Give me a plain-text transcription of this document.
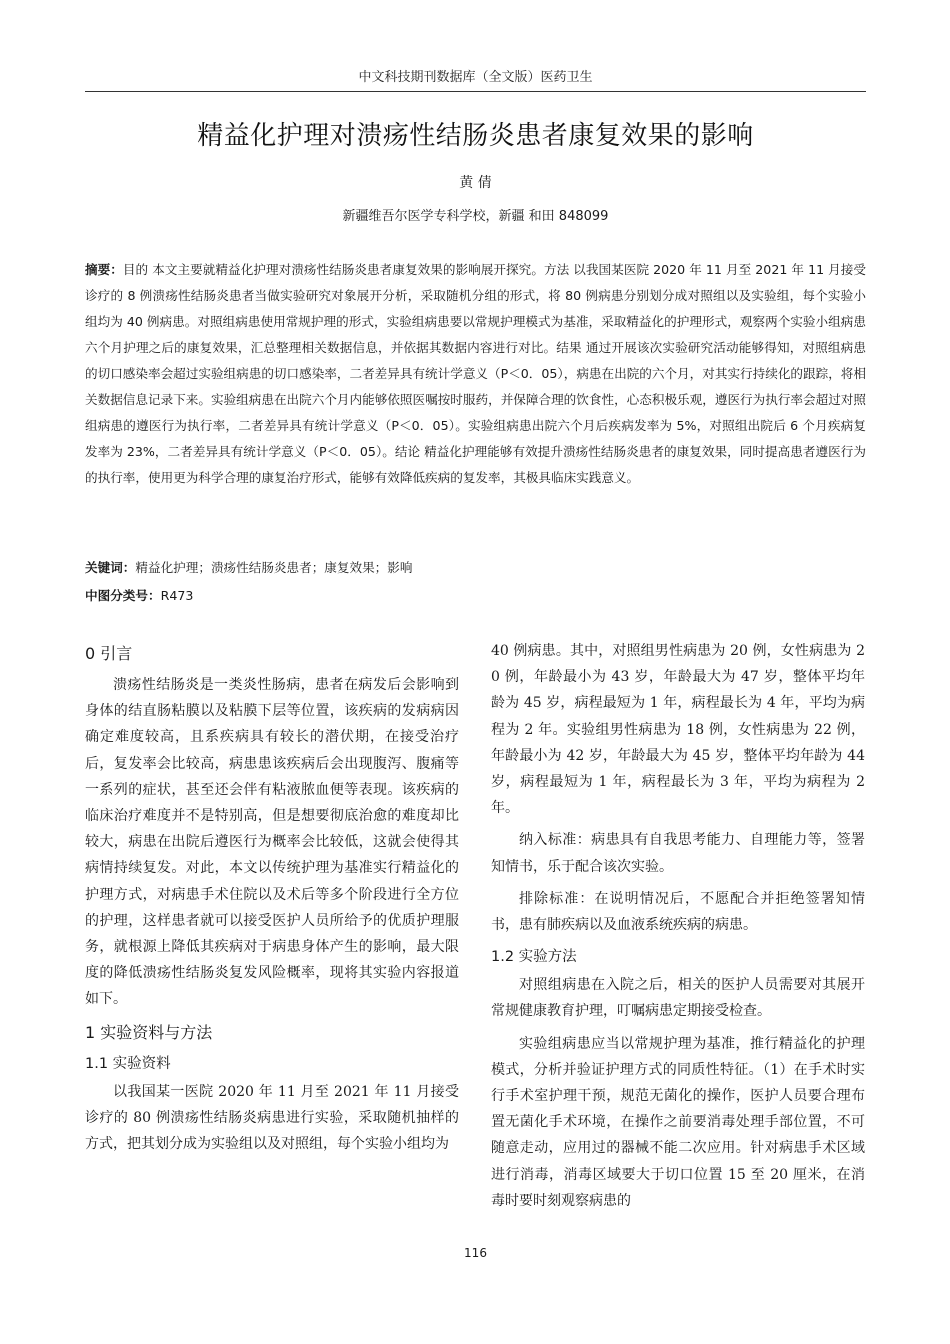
中文科技期刊数据库（全文版）医药卫生
精益化护理对溃疡性结肠炎患者康复效果的影响
黄 倩
新疆维吾尔医学专科学校，新疆 和田 848099
摘要：目的 本文主要就精益化护理对溃疡性结肠炎患者康复效果的影响展开探究。方法 以我国某医院 2020 年 11 月至 2021 年 11 月接受诊疗的 8 例溃疡性结肠炎患者当做实验研究对象展开分析，采取随机分组的形式，将 80 例病患分别划分成对照组以及实验组，每个实验小组均为 40 例病患。对照组病患使用常规护理的形式，实验组病患要以常规护理模式为基准，采取精益化的护理形式，观察两个实验小组病患六个月护理之后的康复效果，汇总整理相关数据信息，并依据其数据内容进行对比。结果 通过开展该次实验研究活动能够得知，对照组病患的切口感染率会超过实验组病患的切口感染率，二者差异具有统计学意义（P＜0．05），病患在出院的六个月，对其实行持续化的跟踪，将相关数据信息记录下来。实验组病患在出院六个月内能够依照医嘱按时服药，并保障合理的饮食性，心态积极乐观，遵医行为执行率会超过对照组病患的遵医行为执行率，二者差异具有统计学意义（P＜0．05）。实验组病患出院六个月后疾病发率为 5%，对照组出院后 6 个月疾病复发率为 23%，二者差异具有统计学意义（P＜0．05）。结论 精益化护理能够有效提升溃疡性结肠炎患者的康复效果，同时提高患者遵医行为的执行率，使用更为科学合理的康复治疗形式，能够有效降低疾病的复发率，其极具临床实践意义。
关键词：精益化护理；溃疡性结肠炎患者；康复效果；影响
中图分类号：R473
0 引言

溃疡性结肠炎是一类炎性肠病，患者在病发后会影响到身体的结直肠粘膜以及粘膜下层等位置，该疾病的发病病因确定难度较高，且系疾病具有较长的潜伏期，在接受治疗后，复发率会比较高，病患患该疾病后会出现腹泻、腹痛等一系列的症状，甚至还会伴有粘液脓血便等表现。该疾病的临床治疗难度并不是特别高，但是想要彻底治愈的难度却比较大，病患在出院后遵医行为概率会比较低，这就会使得其病情持续复发。对此，本文以传统护理为基准实行精益化的护理方式，对病患手术住院以及术后等多个阶段进行全方位的护理，这样患者就可以接受医护人员所给予的优质护理服务，就根源上降低其疾病对于病患身体产生的影响，最大限度的降低溃疡性结肠炎复发风险概率，现将其实验内容报道如下。

1 实验资料与方法
1.1 实验资料

以我国某一医院 2020 年 11 月至 2021 年 11 月接受诊疗的 80 例溃疡性结肠炎病患进行实验，采取随机抽样的方式，把其划分成为实验组以及对照组，每个实验小组均为

40 例病患。其中，对照组男性病患为 20 例，女性病患为 20 例，年龄最小为 43 岁，年龄最大为 47 岁，整体平均年龄为 45 岁，病程最短为 1 年，病程最长为 4 年，平均为病程为 2 年。实验组男性病患为 18 例，女性病患为 22 例，年龄最小为 42 岁，年龄最大为 45 岁，整体平均年龄为 44 岁，病程最短为 1 年，病程最长为 3 年，平均为病程为 2 年。

纳入标准：病患具有自我思考能力、自理能力等，签署知情书，乐于配合该次实验。

排除标准：在说明情况后，不愿配合并拒绝签署知情书，患有肺疾病以及血液系统疾病的病患。

1.2 实验方法

对照组病患在入院之后，相关的医护人员需要对其展开常规健康教育护理，叮嘱病患定期接受检查。

实验组病患应当以常规护理为基准，推行精益化的护理模式，分析并验证护理方式的同质性特征。（1）在手术时实行手术室护理干预，规范无菌化的操作，医护人员要合理布置无菌化手术环境，在操作之前要消毒处理手部位置，不可随意走动，应用过的器械不能二次应用。针对病患手术区域进行消毒，消毒区域要大于切口位置 15 至 20 厘米，在消毒时要时刻观察病患的

116
